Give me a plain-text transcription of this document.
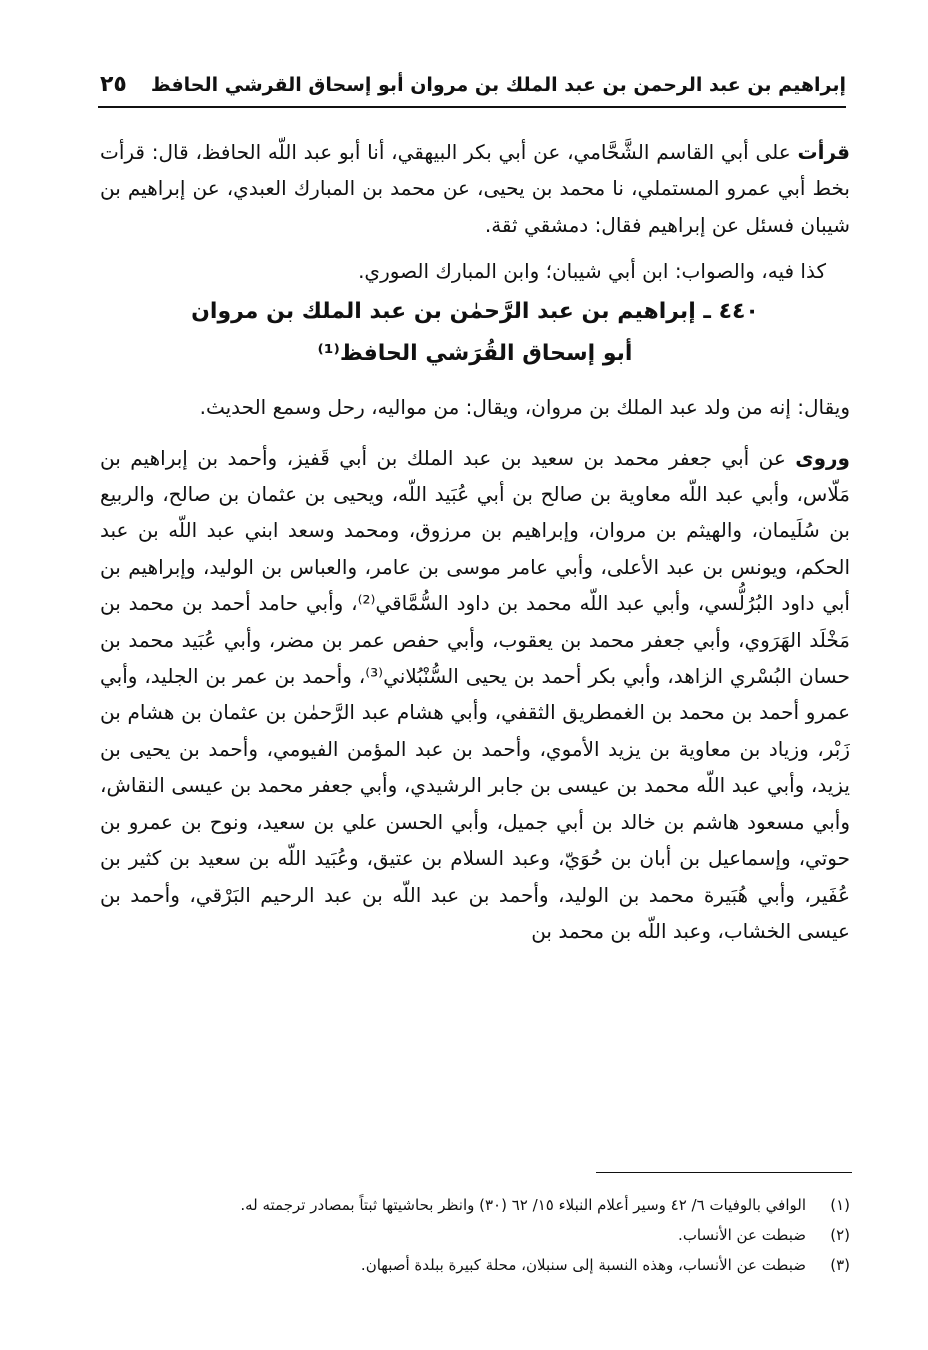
إبراهيم بن عبد الرحمن بن عبد الملك بن مروان أبو إسحاق القرشي الحافظ
٢٥

قرأت على أبي القاسم الشَّحَّامي، عن أبي بكر البيهقي، أنا أبو عبد اللّه الحافظ، قال: قرأت بخط أبي عمرو المستملي، نا محمد بن يحيى، عن محمد بن المبارك العبدي، عن إبراهيم بن شيبان فسئل عن إبراهيم فقال: دمشقي ثقة.

كذا فيه، والصواب: ابن أبي شيبان؛ وابن المبارك الصوري.

٤٤٠ ـ إبراهيم بن عبد الرَّحمٰن بن عبد الملك بن مروان
أبو إسحاق القُرَشي الحافظ⁽¹⁾

ويقال: إنه من ولد عبد الملك بن مروان، ويقال: من مواليه، رحل وسمع الحديث.

وروى عن أبي جعفر محمد بن سعيد بن عبد الملك بن أبي قَفيز، وأحمد بن إبراهيم بن مَلّاس، وأبي عبد اللّه معاوية بن صالح بن أبي عُبَيد اللّه، ويحيى بن عثمان بن صالح، والربيع بن سُلَيمان، والهيثم بن مروان، وإبراهيم بن مرزوق، ومحمد وسعد ابني عبد اللّه بن عبد الحكم، ويونس بن عبد الأعلى، وأبي عامر موسى بن عامر، والعباس بن الوليد، وإبراهيم بن أبي داود البُرُلُّسي، وأبي عبد اللّه محمد بن داود السُّمَّاقي⁽²⁾، وأبي حامد أحمد بن محمد بن مَخْلَد الهَرَوي، وأبي جعفر محمد بن يعقوب، وأبي حفص عمر بن مضر، وأبي عُبَيد محمد بن حسان البُسْري الزاهد، وأبي بكر أحمد بن يحيى السُّنْبُلاني⁽³⁾، وأحمد بن عمر بن الجليد، وأبي عمرو أحمد بن محمد بن الغمطريق الثقفي، وأبي هشام عبد الرَّحمٰن بن عثمان بن هشام بن زَبْر، وزياد بن معاوية بن يزيد الأموي، وأحمد بن عبد المؤمن الفيومي، وأحمد بن يحيى بن يزيد، وأبي عبد اللّه محمد بن عيسى بن جابر الرشيدي، وأبي جعفر محمد بن عيسى النقاش، وأبي مسعود هاشم بن خالد بن أبي جميل، وأبي الحسن علي بن سعيد، ونوح بن عمرو بن حوتي، وإسماعيل بن أبان بن حُوَيّ، وعبد السلام بن عتيق، وعُبَيد اللّه بن سعيد بن كثير بن عُفَير، وأبي هُبَيرة محمد بن الوليد، وأحمد بن عبد اللّه بن عبد الرحيم البَرْقي، وأحمد بن عيسى الخشاب، وعبد اللّه بن محمد بن

(١)
الوافي بالوفيات ٦/ ٤٢ وسير أعلام النبلاء ١٥/ ٦٢ (٣٠) وانظر بحاشيتها ثبتاً بمصادر ترجمته له.
(٢)
ضبطت عن الأنساب.
(٣)
ضبطت عن الأنساب، وهذه النسبة إلى سنبلان، محلة كبيرة ببلدة أصبهان.
